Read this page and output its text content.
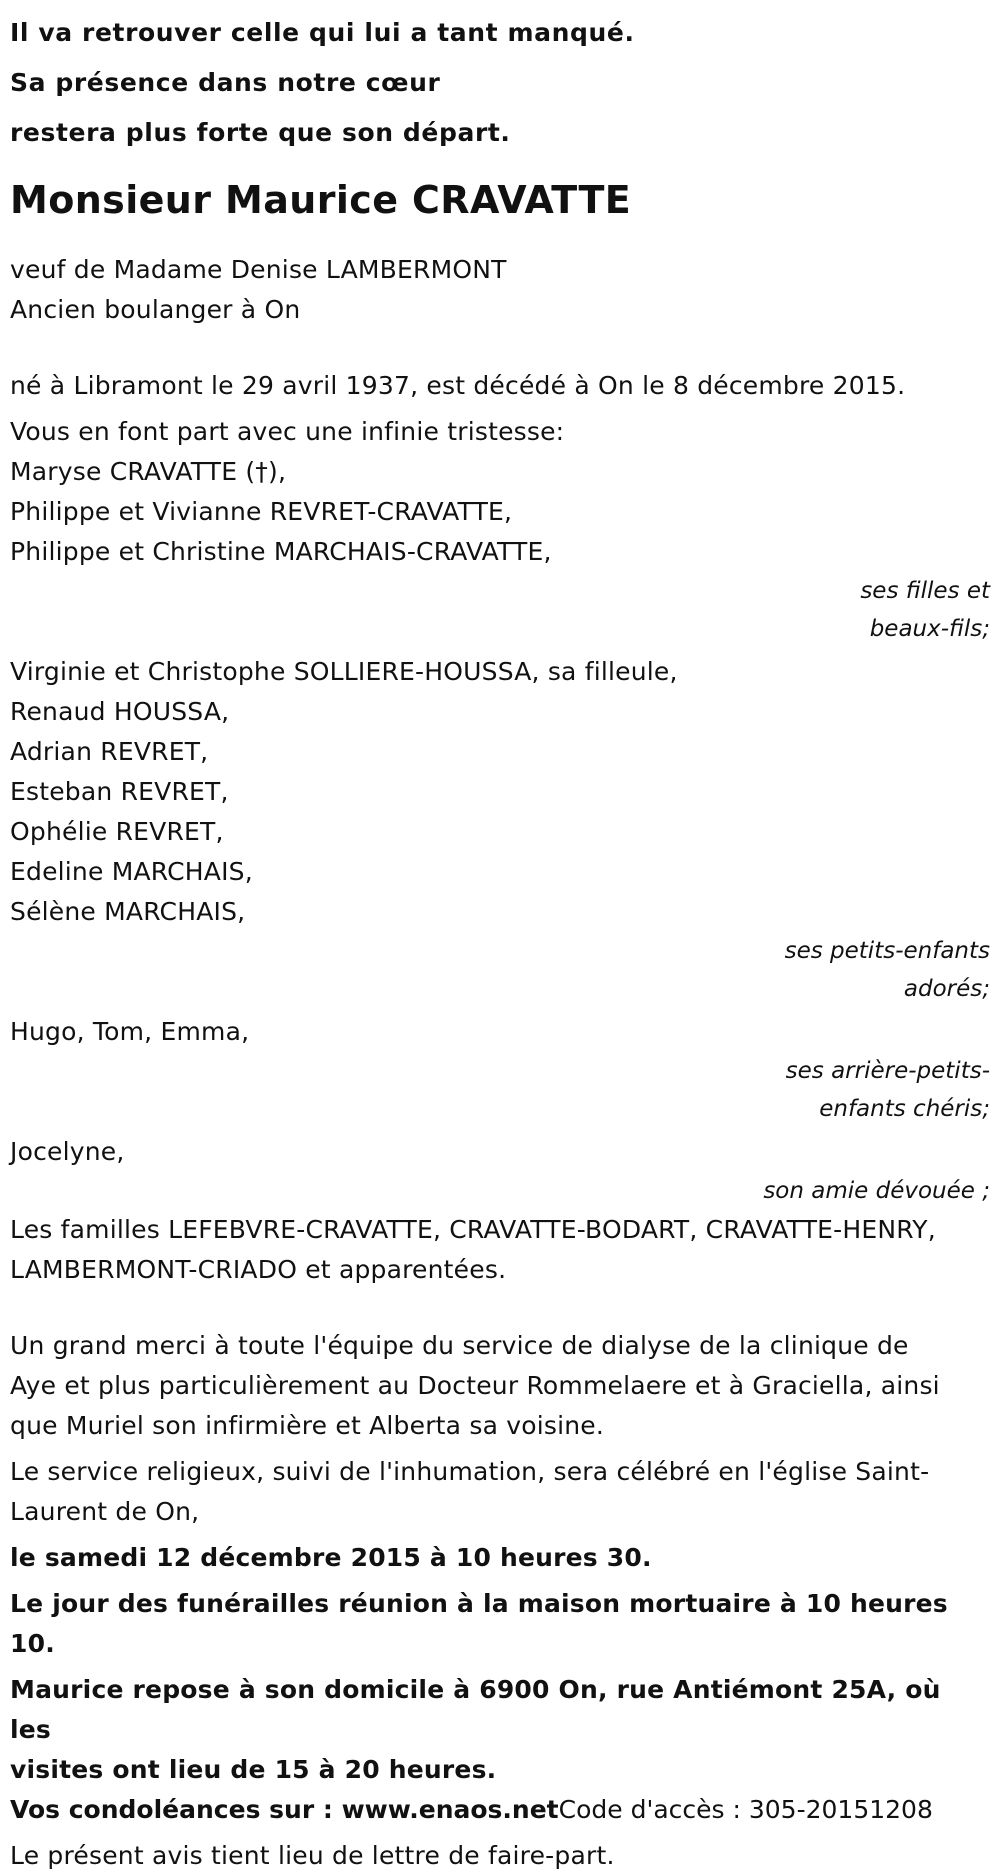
Il va retrouver celle qui lui a tant manqué.

Sa présence dans notre cœur

restera plus forte que son départ.

Monsieur Maurice CRAVATTE

veuf de Madame Denise LAMBERMONT

Ancien boulanger à On

né à Libramont le 29 avril 1937, est décédé à On le 8 décembre 2015.

Vous en font part avec une infinie tristesse:

Maryse CRAVATTE (†),

Philippe et Vivianne REVRET-CRAVATTE,

Philippe et Christine MARCHAIS-CRAVATTE,

ses filles et
beaux-fils;

Virginie et Christophe SOLLIERE-HOUSSA, sa filleule,

Renaud HOUSSA,

Adrian REVRET,

Esteban REVRET,

Ophélie REVRET,

Edeline MARCHAIS,

Sélène MARCHAIS,

ses petits-enfants
adorés;

Hugo, Tom, Emma,

ses arrière-petits-
enfants chéris;

Jocelyne,

son amie dévouée ;

Les familles LEFEBVRE-CRAVATTE, CRAVATTE-BODART, CRAVATTE-HENRY,

LAMBERMONT-CRIADO et apparentées.

Un grand merci à toute l'équipe du service de dialyse de la clinique de

Aye et plus particulièrement au Docteur Rommelaere et à Graciella, ainsi

que Muriel son infirmière et Alberta sa voisine.

Le service religieux, suivi de l'inhumation, sera célébré en l'église Saint-

Laurent de On,

le samedi 12 décembre 2015 à 10 heures 30.

Le jour des funérailles réunion à la maison mortuaire à 10 heures 10.

Maurice repose à son domicile à 6900 On, rue Antiémont 25A, où les

visites ont lieu de 15 à 20 heures.

Vos condoléances sur : www.enaos.netCode d'accès : 305-20151208

Le présent avis tient lieu de lettre de faire-part.
